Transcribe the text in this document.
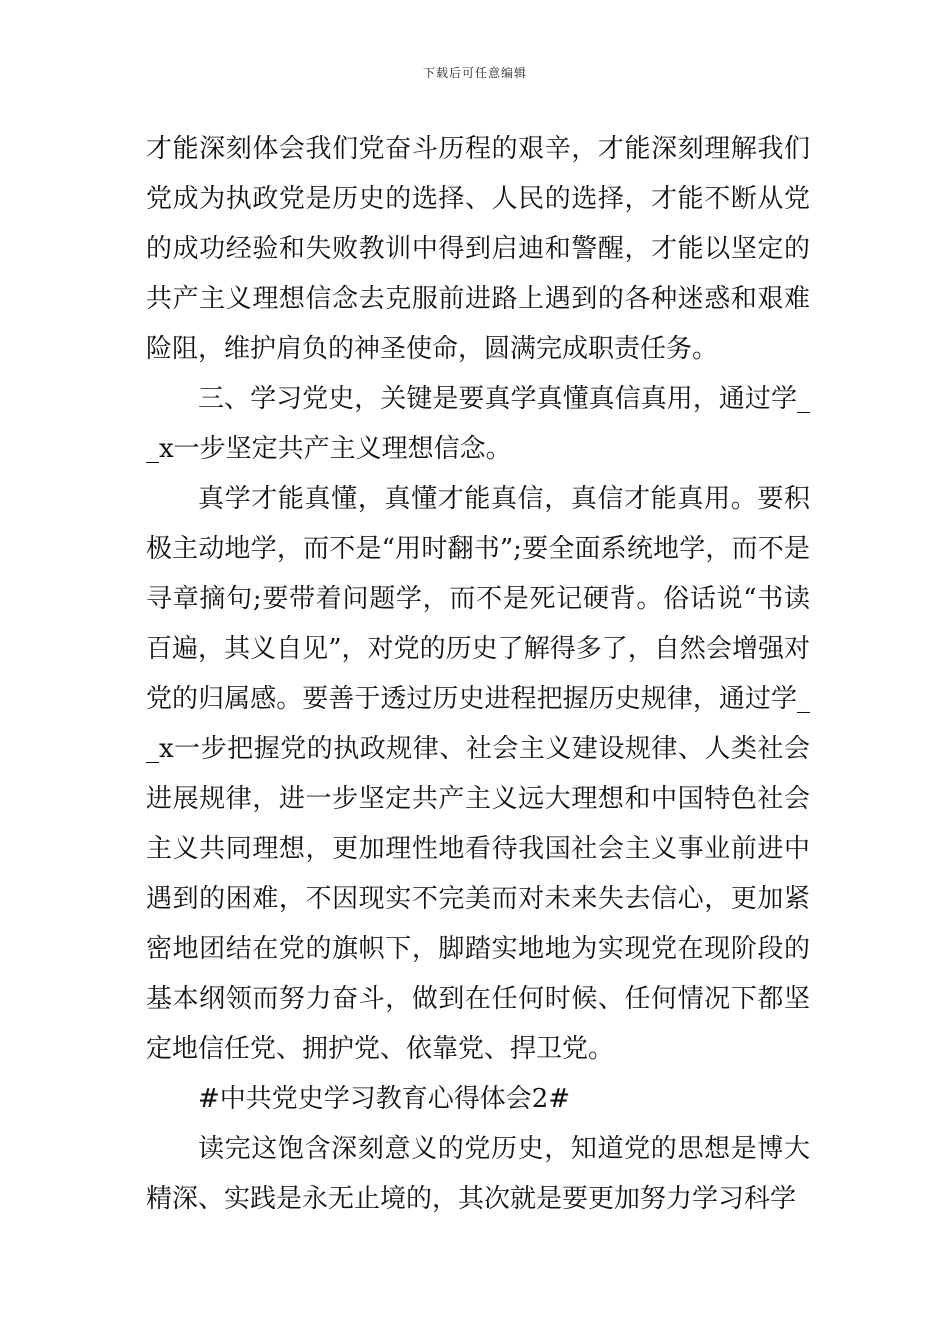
下载后可任意编辑

才能深刻体会我们党奋斗历程的艰辛，才能深刻理解我们党成为执政党是历史的选择、人民的选择，才能不断从党的成功经验和失败教训中得到启迪和警醒，才能以坚定的共产主义理想信念去克服前进路上遇到的各种迷惑和艰难险阻，维护肩负的神圣使命，圆满完成职责任务。

三、学习党史，关键是要真学真懂真信真用，通过学__x一步坚定共产主义理想信念。

真学才能真懂，真懂才能真信，真信才能真用。要积极主动地学，而不是“用时翻书”;要全面系统地学，而不是寻章摘句;要带着问题学，而不是死记硬背。俗话说“书读百遍，其义自见”，对党的历史了解得多了，自然会增强对党的归属感。要善于透过历史进程把握历史规律，通过学__x一步把握党的执政规律、社会主义建设规律、人类社会进展规律，进一步坚定共产主义远大理想和中国特色社会主义共同理想，更加理性地看待我国社会主义事业前进中遇到的困难，不因现实不完美而对未来失去信心，更加紧密地团结在党的旗帜下，脚踏实地地为实现党在现阶段的基本纲领而努力奋斗，做到在任何时候、任何情况下都坚定地信任党、拥护党、依靠党、捍卫党。

#中共党史学习教育心得体会2#

读完这饱含深刻意义的党历史，知道党的思想是博大精深、实践是永无止境的，其次就是要更加努力学习科学
